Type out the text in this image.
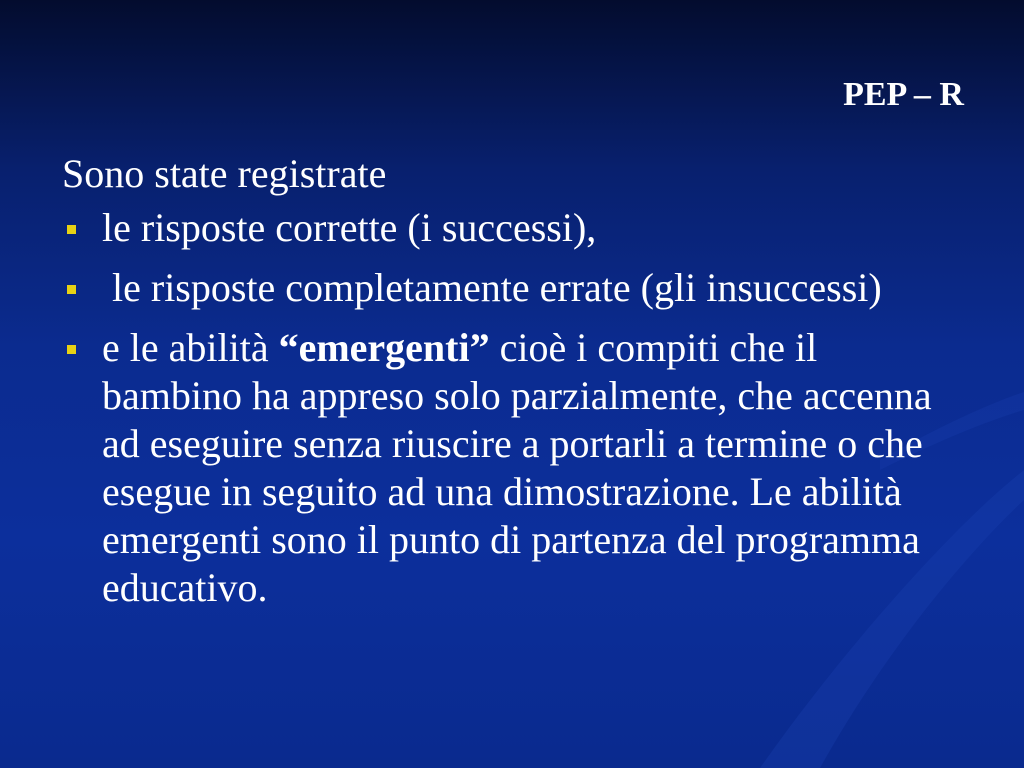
PEP – R

Sono state registrate

le risposte corrette (i successi),
le risposte completamente errate (gli insuccessi)
e le abilità “emergenti” cioè i compiti che il bambino ha appreso solo parzialmente, che accenna ad eseguire senza riuscire a portarli a termine o che esegue in seguito ad una dimostrazione. Le abilità emergenti sono il punto di partenza del programma educativo.
